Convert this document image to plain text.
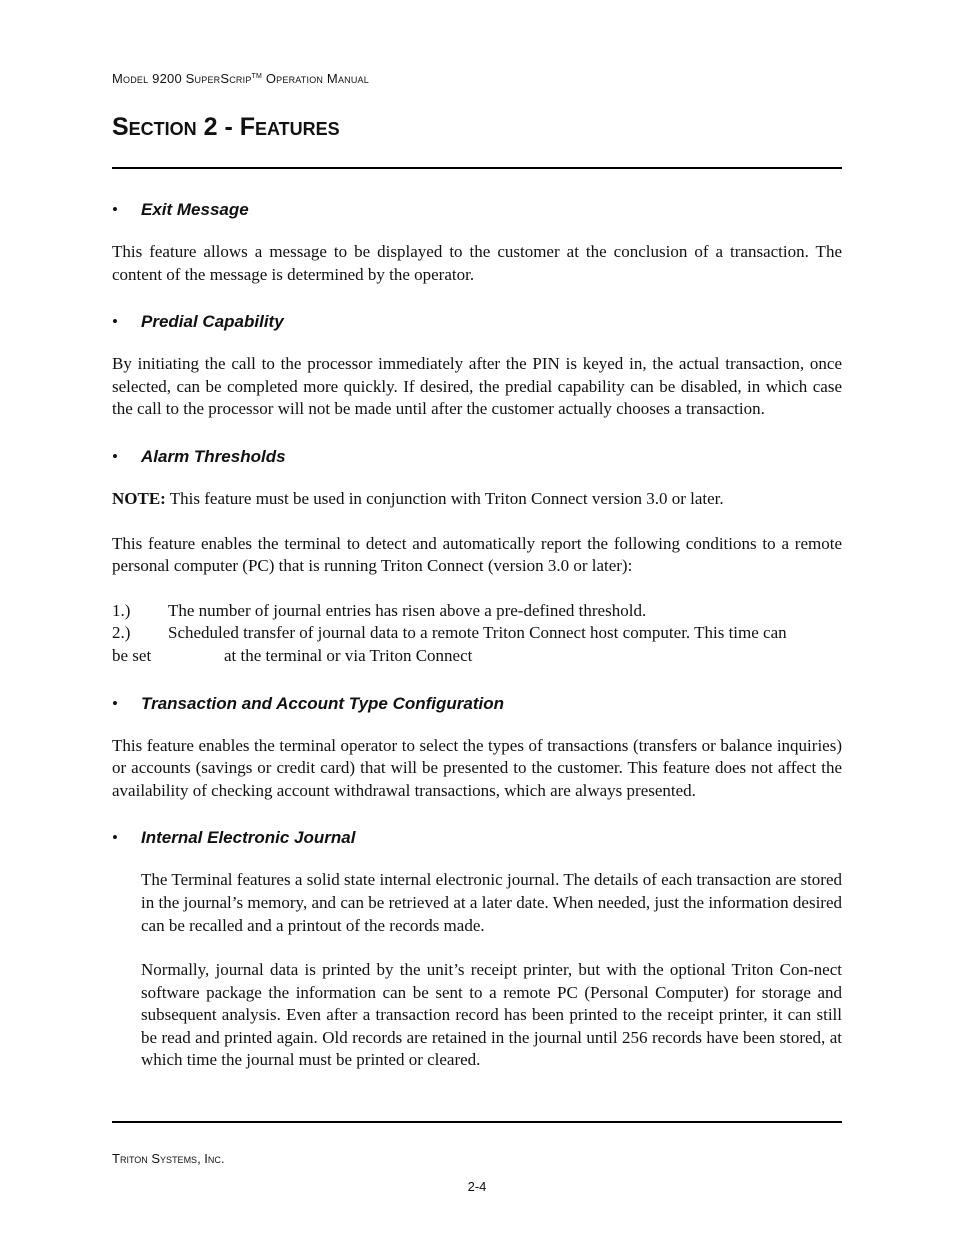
Model 9200 SuperScrip™ Operation Manual
Section 2 - Features
• Exit Message

This feature allows a message to be displayed to the customer at the conclusion of a transaction. The content of the message is determined by the operator.

• Predial Capability

By initiating the call to the processor immediately after the PIN is keyed in, the actual transaction, once selected, can be completed more quickly. If desired, the predial capability can be disabled, in which case the call to the processor will not be made until after the customer actually chooses a transaction.

• Alarm Thresholds

NOTE: This feature must be used in conjunction with Triton Connect version 3.0 or later.

This feature enables the terminal to detect and automatically report the following conditions to a remote personal computer (PC) that is running Triton Connect (version 3.0 or later):

1.) The number of journal entries has risen above a pre-defined threshold.
2.) Scheduled transfer of journal data to a remote Triton Connect host computer. This time can
be set	at the terminal or via Triton Connect
• Transaction and Account Type Configuration

This feature enables the terminal operator to select the types of transactions (transfers or balance inquiries) or accounts (savings or credit card) that will be presented to the customer. This feature does not affect the availability of checking account withdrawal transactions, which are always presented.

• Internal Electronic Journal

The Terminal features a solid state internal electronic journal. The details of each transaction are stored in the journal’s memory, and can be retrieved at a later date. When needed, just the information desired can be recalled and a printout of the records made.

Normally, journal data is printed by the unit’s receipt printer, but with the optional Triton Con-nect software package the information can be sent to a remote PC (Personal Computer) for storage and subsequent analysis. Even after a transaction record has been printed to the receipt printer, it can still be read and printed again. Old records are retained in the journal until 256 records have been stored, at which time the journal must be printed or cleared.

Triton Systems, Inc.
2-4
